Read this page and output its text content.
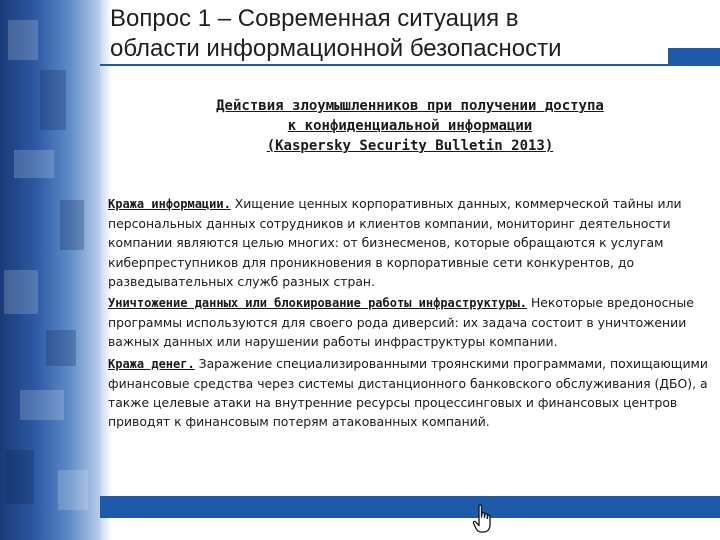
Вопрос 1 – Современная ситуация в
области информационной безопасности
Действия злоумышленников при получении доступа
к конфиденциальной информации
(Kaspersky Security Bulletin 2013)

Кража информации. Хищение ценных корпоративных данных, коммерческой тайны или персональных данных сотрудников и клиентов компании, мониторинг деятельности компании являются целью многих: от бизнесменов, которые обращаются к услугам киберпреступников для проникновения в корпоративные сети конкурентов, до разведывательных служб разных стран.

Уничтожение данных или блокирование работы инфраструктуры. Некоторые вредоносные программы используются для своего рода диверсий: их задача состоит в уничтожении важных данных или нарушении работы инфраструктуры компании.

Кража денег. Заражение специализированными троянскими программами, похищающими финансовые средства через системы дистанционного банковского обслуживания (ДБО), а также целевые атаки на внутренние ресурсы процессинговых и финансовых центров приводят к финансовым потерям атакованных компаний.
